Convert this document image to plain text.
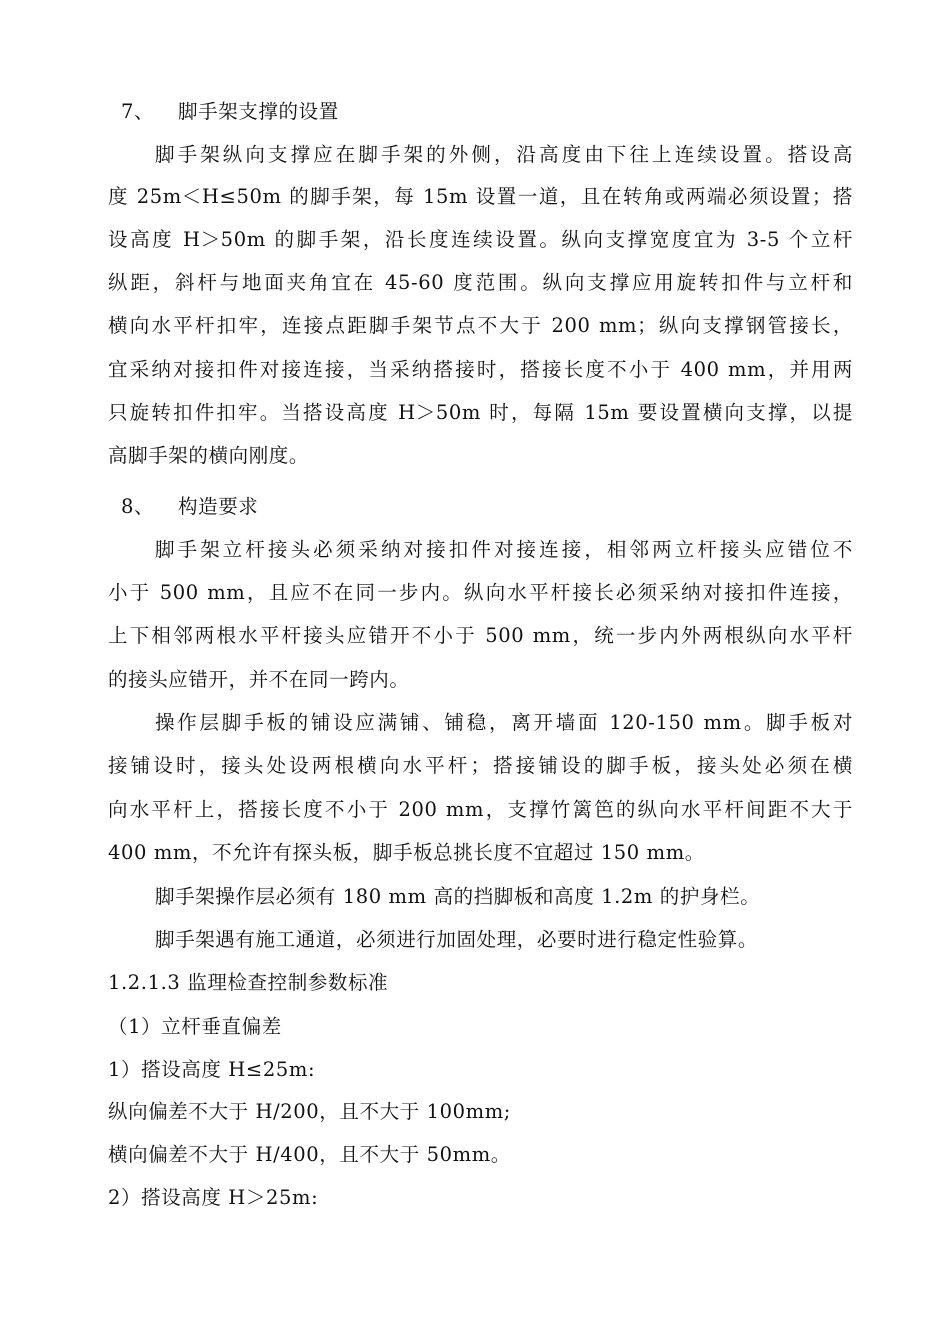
7、 脚手架支撑的设置
脚手架纵向支撑应在脚手架的外侧，沿高度由下往上连续设置。搭设高
度 25m＜H≤50m 的脚手架，每 15m 设置一道，且在转角或两端必须设置；搭
设高度 H＞50m 的脚手架，沿长度连续设置。纵向支撑宽度宜为 3-5 个立杆
纵距，斜杆与地面夹角宜在 45-60 度范围。纵向支撑应用旋转扣件与立杆和
横向水平杆扣牢，连接点距脚手架节点不大于 200 mm；纵向支撑钢管接长，
宜采纳对接扣件对接连接，当采纳搭接时，搭接长度不小于 400 mm，并用两
只旋转扣件扣牢。当搭设高度 H＞50m 时，每隔 15m 要设置横向支撑，以提
高脚手架的横向刚度。
8、 构造要求
脚手架立杆接头必须采纳对接扣件对接连接，相邻两立杆接头应错位不
小于 500 mm，且应不在同一步内。纵向水平杆接长必须采纳对接扣件连接，
上下相邻两根水平杆接头应错开不小于 500 mm，统一步内外两根纵向水平杆
的接头应错开，并不在同一跨内。
操作层脚手板的铺设应满铺、铺稳，离开墙面 120-150 mm。脚手板对
接铺设时，接头处设两根横向水平杆；搭接铺设的脚手板，接头处必须在横
向水平杆上，搭接长度不小于 200 mm，支撑竹篱笆的纵向水平杆间距不大于
400 mm，不允许有探头板，脚手板总挑长度不宜超过 150 mm。
脚手架操作层必须有 180 mm 高的挡脚板和高度 1.2m 的护身栏。
脚手架遇有施工通道，必须进行加固处理，必要时进行稳定性验算。
1.2.1.3 监理检查控制参数标准
（1）立杆垂直偏差
1）搭设高度 H≤25m:
纵向偏差不大于 H/200，且不大于 100mm;
横向偏差不大于 H/400，且不大于 50mm。
2）搭设高度 H＞25m:
